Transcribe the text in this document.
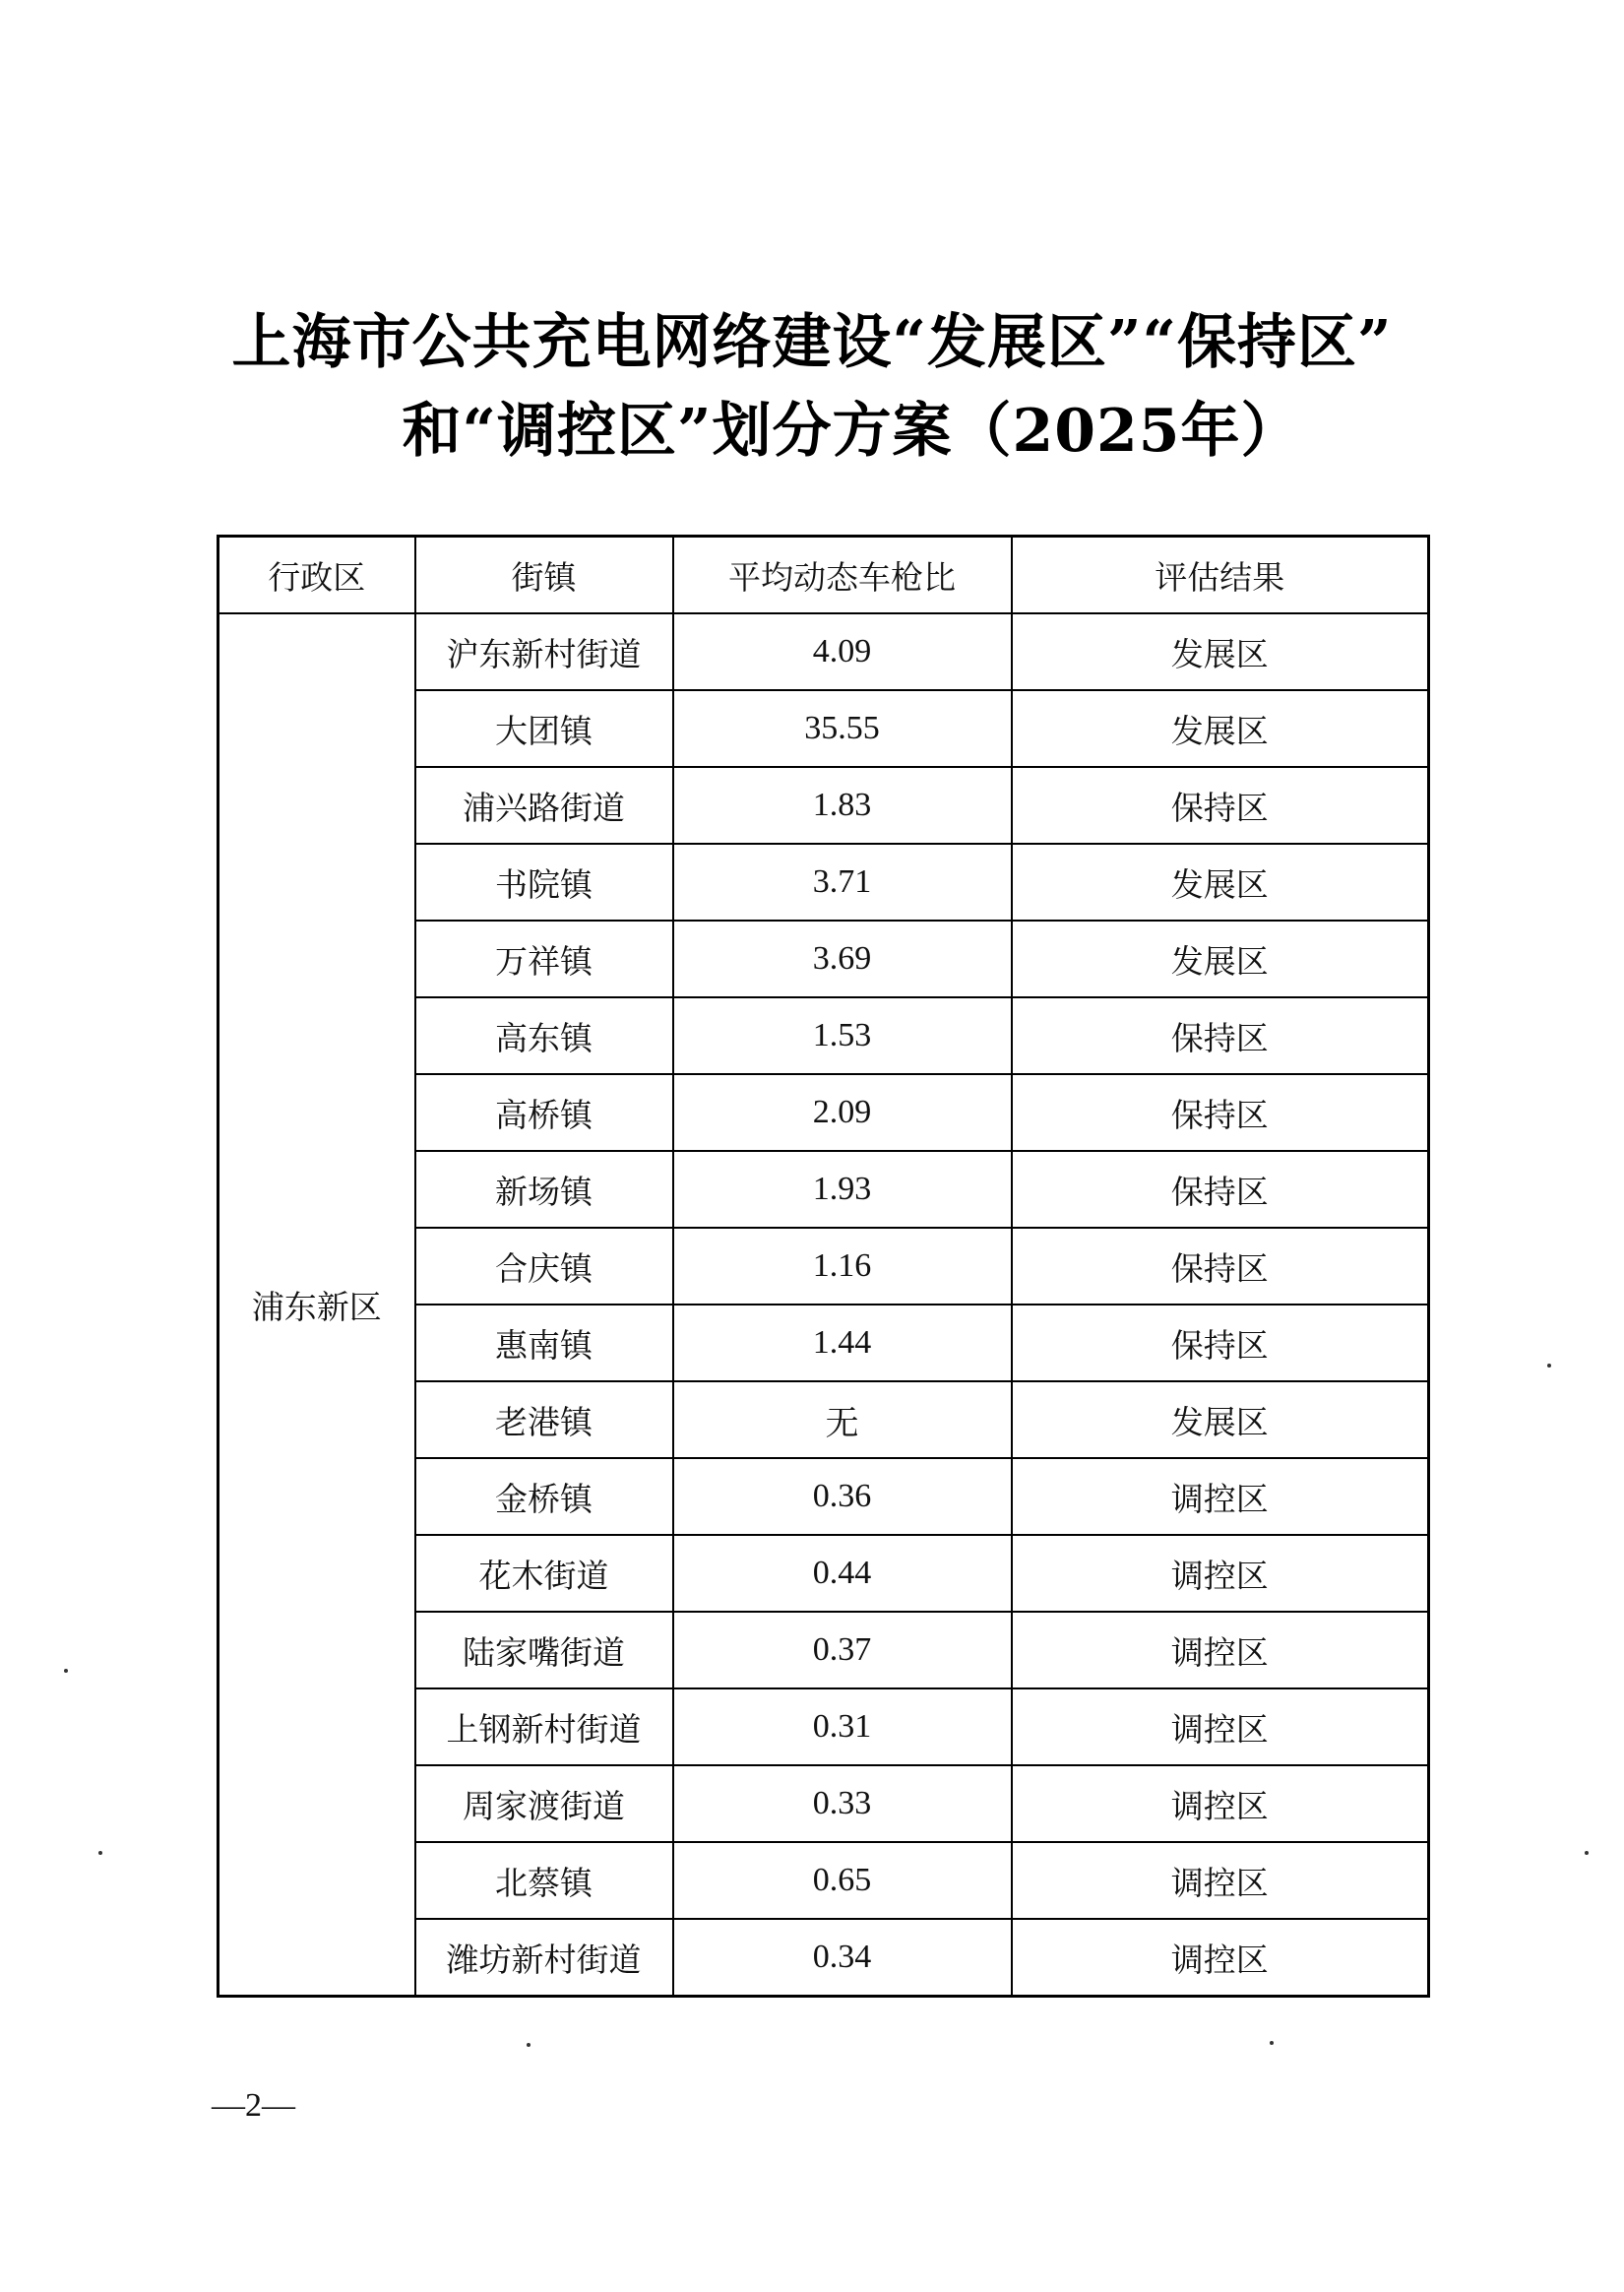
上海市公共充电网络建设“发展区”“保持区”
和“调控区”划分方案（2025年）
行政区	街镇	平均动态车枪比	评估结果
浦东新区	沪东新村街道	4.09	发展区
	大团镇	35.55	发展区
	浦兴路街道	1.83	保持区
	书院镇	3.71	发展区
	万祥镇	3.69	发展区
	高东镇	1.53	保持区
	高桥镇	2.09	保持区
	新场镇	1.93	保持区
	合庆镇	1.16	保持区
	惠南镇	1.44	保持区
	老港镇	无	发展区
	金桥镇	0.36	调控区
	花木街道	0.44	调控区
	陆家嘴街道	0.37	调控区
	上钢新村街道	0.31	调控区
	周家渡街道	0.33	调控区
	北蔡镇	0.65	调控区
	潍坊新村街道	0.34	调控区
—2—
